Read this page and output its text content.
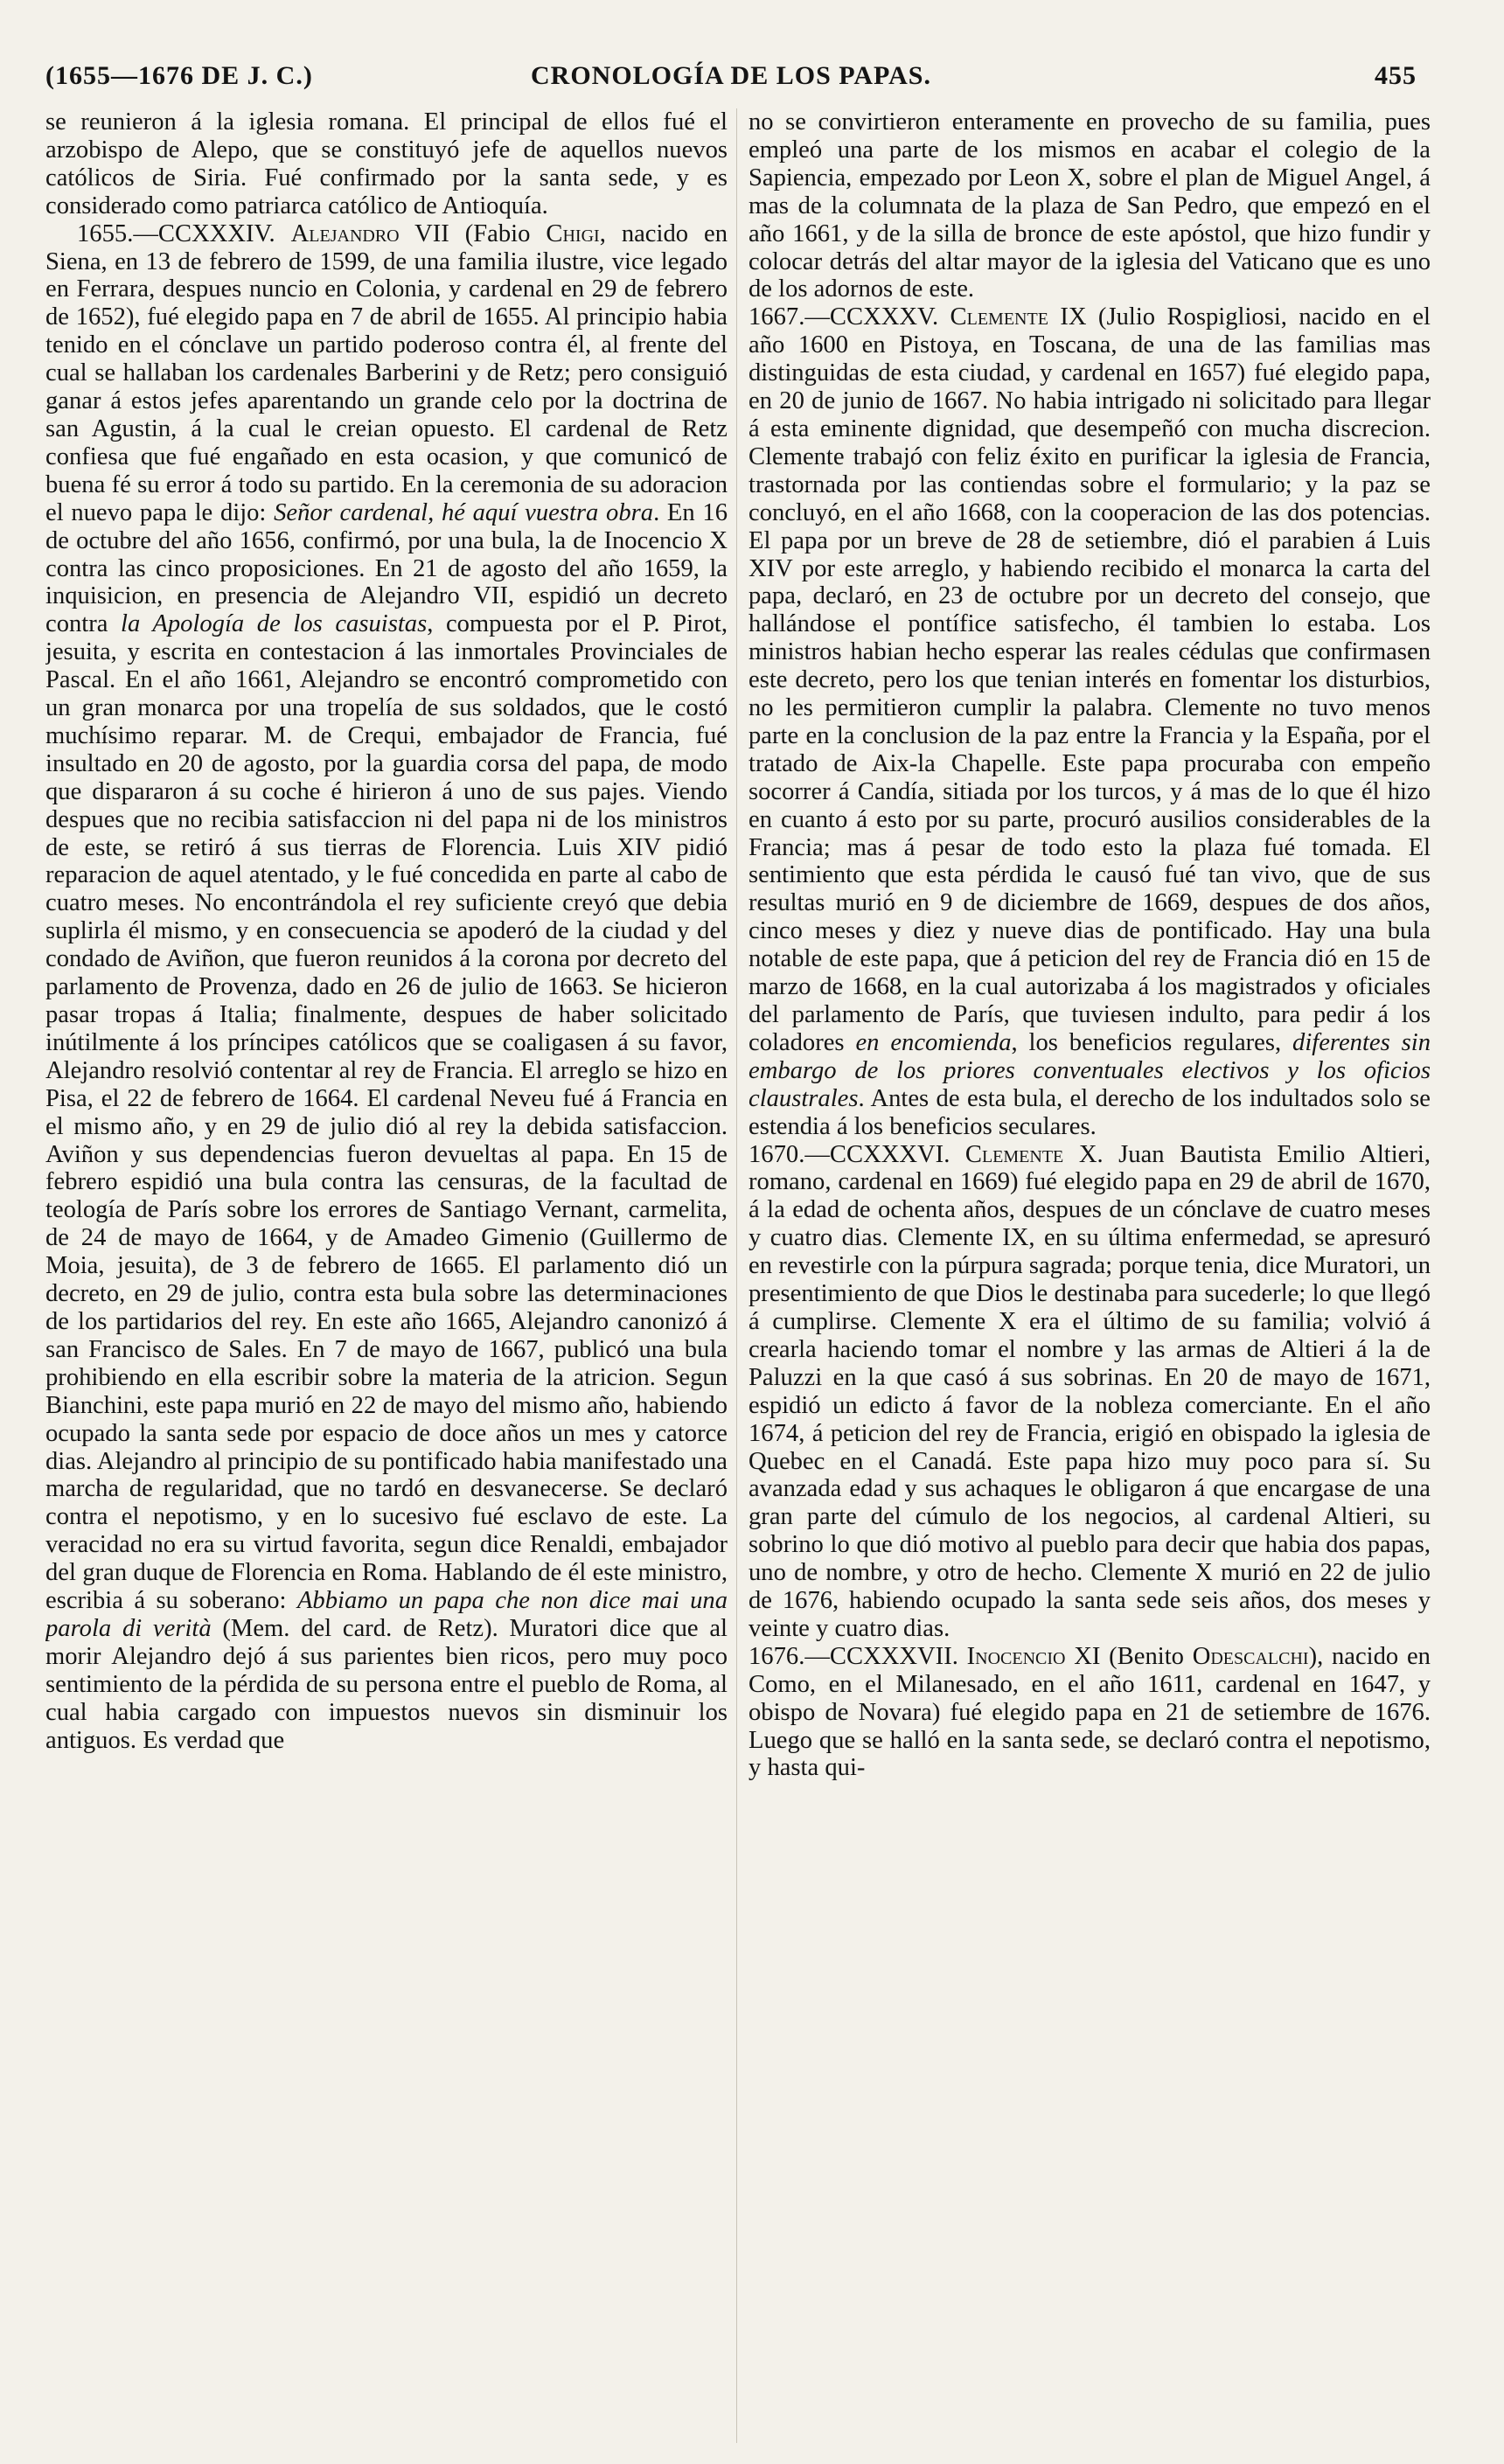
(1655—1676 DE J. C.)	CRONOLOGÍA DE LOS PAPAS.	455

se reunieron á la iglesia romana. El principal de ellos fué el arzobispo de Alepo, que se constituyó jefe de aquellos nuevos católicos de Siria. Fué confirmado por la santa sede, y es considerado como patriarca católico de Antioquía.

1655.—CCXXXIV. Alejandro VII (Fabio Chigi, nacido en Siena, en 13 de febrero de 1599, de una familia ilustre, vice legado en Ferrara, despues nuncio en Colonia, y cardenal en 29 de febrero de 1652), fué elegido papa en 7 de abril de 1655. Al principio habia tenido en el cónclave un partido poderoso contra él, al frente del cual se hallaban los cardenales Barberini y de Retz; pero consiguió ganar á estos jefes aparentando un grande celo por la doctrina de san Agustin, á la cual le creian opuesto. El cardenal de Retz confiesa que fué engañado en esta ocasion, y que comunicó de buena fé su error á todo su partido. En la ceremonia de su adoracion el nuevo papa le dijo: Señor cardenal, hé aquí vuestra obra. En 16 de octubre del año 1656, confirmó, por una bula, la de Inocencio X contra las cinco proposiciones. En 21 de agosto del año 1659, la inquisicion, en presencia de Alejandro VII, espidió un decreto contra la Apología de los casuistas, compuesta por el P. Pirot, jesuita, y escrita en contestacion á las inmortales Provinciales de Pascal. En el año 1661, Alejandro se encontró comprometido con un gran monarca por una tropelía de sus soldados, que le costó muchísimo reparar. M. de Crequi, embajador de Francia, fué insultado en 20 de agosto, por la guardia corsa del papa, de modo que dispararon á su coche é hirieron á uno de sus pajes. Viendo despues que no recibia satisfaccion ni del papa ni de los ministros de este, se retiró á sus tierras de Florencia. Luis XIV pidió reparacion de aquel atentado, y le fué concedida en parte al cabo de cuatro meses. No encontrándola el rey suficiente creyó que debia suplirla él mismo, y en consecuencia se apoderó de la ciudad y del condado de Aviñon, que fueron reunidos á la corona por decreto del parlamento de Provenza, dado en 26 de julio de 1663. Se hicieron pasar tropas á Italia; finalmente, despues de haber solicitado inútilmente á los príncipes católicos que se coaligasen á su favor, Alejandro resolvió contentar al rey de Francia. El arreglo se hizo en Pisa, el 22 de febrero de 1664. El cardenal Neveu fué á Francia en el mismo año, y en 29 de julio dió al rey la debida satisfaccion. Aviñon y sus dependencias fueron devueltas al papa. En 15 de febrero espidió una bula contra las censuras, de la facultad de teología de París sobre los errores de Santiago Vernant, carmelita, de 24 de mayo de 1664, y de Amadeo Gimenio (Guillermo de Moia, jesuita), de 3 de febrero de 1665. El parlamento dió un decreto, en 29 de julio, contra esta bula sobre las determinaciones de los partidarios del rey. En este año 1665, Alejandro canonizó á san Francisco de Sales. En 7 de mayo de 1667, publicó una bula prohibiendo en ella escribir sobre la materia de la atricion. Segun Bianchini, este papa murió en 22 de mayo del mismo año, habiendo ocupado la santa sede por espacio de doce años un mes y catorce dias. Alejandro al principio de su pontificado habia manifestado una marcha de regularidad, que no tardó en desvanecerse. Se declaró contra el nepotismo, y en lo sucesivo fué esclavo de este. La veracidad no era su virtud favorita, segun dice Renaldi, embajador del gran duque de Florencia en Roma. Hablando de él este ministro, escribia á su soberano: Abbiamo un papa che non dice mai una parola di verità (Mem. del card. de Retz). Muratori dice que al morir Alejandro dejó á sus parientes bien ricos, pero muy poco sentimiento de la pérdida de su persona entre el pueblo de Roma, al cual habia cargado con impuestos nuevos sin disminuir los antiguos. Es verdad que

no se convirtieron enteramente en provecho de su familia, pues empleó una parte de los mismos en acabar el colegio de la Sapiencia, empezado por Leon X, sobre el plan de Miguel Angel, á mas de la columnata de la plaza de San Pedro, que empezó en el año 1661, y de la silla de bronce de este apóstol, que hizo fundir y colocar detrás del altar mayor de la iglesia del Vaticano que es uno de los adornos de este.

1667.—CCXXXV. Clemente IX (Julio Rospigliosi, nacido en el año 1600 en Pistoya, en Toscana, de una de las familias mas distinguidas de esta ciudad, y cardenal en 1657) fué elegido papa, en 20 de junio de 1667. No habia intrigado ni solicitado para llegar á esta eminente dignidad, que desempeñó con mucha discrecion. Clemente trabajó con feliz éxito en purificar la iglesia de Francia, trastornada por las contiendas sobre el formulario; y la paz se concluyó, en el año 1668, con la cooperacion de las dos potencias. El papa por un breve de 28 de setiembre, dió el parabien á Luis XIV por este arreglo, y habiendo recibido el monarca la carta del papa, declaró, en 23 de octubre por un decreto del consejo, que hallándose el pontífice satisfecho, él tambien lo estaba. Los ministros habian hecho esperar las reales cédulas que confirmasen este decreto, pero los que tenian interés en fomentar los disturbios, no les permitieron cumplir la palabra. Clemente no tuvo menos parte en la conclusion de la paz entre la Francia y la España, por el tratado de Aix-la Chapelle. Este papa procuraba con empeño socorrer á Candía, sitiada por los turcos, y á mas de lo que él hizo en cuanto á esto por su parte, procuró ausilios considerables de la Francia; mas á pesar de todo esto la plaza fué tomada. El sentimiento que esta pérdida le causó fué tan vivo, que de sus resultas murió en 9 de diciembre de 1669, despues de dos años, cinco meses y diez y nueve dias de pontificado. Hay una bula notable de este papa, que á peticion del rey de Francia dió en 15 de marzo de 1668, en la cual autorizaba á los magistrados y oficiales del parlamento de París, que tuviesen indulto, para pedir á los coladores en encomienda, los beneficios regulares, diferentes sin embargo de los priores conventuales electivos y los oficios claustrales. Antes de esta bula, el derecho de los indultados solo se estendia á los beneficios seculares.

1670.—CCXXXVI. Clemente X. Juan Bautista Emilio Altieri, romano, cardenal en 1669) fué elegido papa en 29 de abril de 1670, á la edad de ochenta años, despues de un cónclave de cuatro meses y cuatro dias. Clemente IX, en su última enfermedad, se apresuró en revestirle con la púrpura sagrada; porque tenia, dice Muratori, un presentimiento de que Dios le destinaba para sucederle; lo que llegó á cumplirse. Clemente X era el último de su familia; volvió á crearla haciendo tomar el nombre y las armas de Altieri á la de Paluzzi en la que casó á sus sobrinas. En 20 de mayo de 1671, espidió un edicto á favor de la nobleza comerciante. En el año 1674, á peticion del rey de Francia, erigió en obispado la iglesia de Quebec en el Canadá. Este papa hizo muy poco para sí. Su avanzada edad y sus achaques le obligaron á que encargase de una gran parte del cúmulo de los negocios, al cardenal Altieri, su sobrino lo que dió motivo al pueblo para decir que habia dos papas, uno de nombre, y otro de hecho. Clemente X murió en 22 de julio de 1676, habiendo ocupado la santa sede seis años, dos meses y veinte y cuatro dias.

1676.—CCXXXVII. Inocencio XI (Benito Odescalchi), nacido en Como, en el Milanesado, en el año 1611, cardenal en 1647, y obispo de Novara) fué elegido papa en 21 de setiembre de 1676. Luego que se halló en la santa sede, se declaró contra el nepotismo, y hasta qui-
